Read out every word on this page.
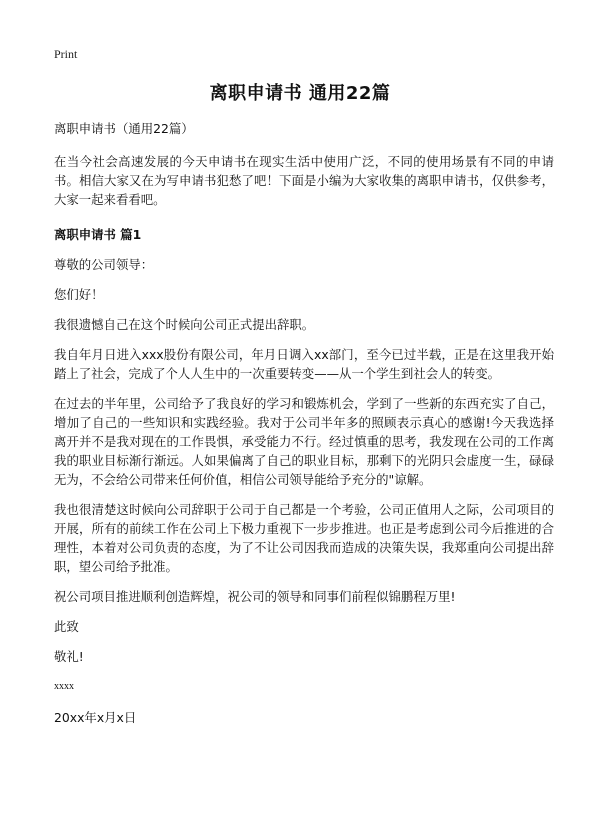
Print
离职申请书 通用22篇

离职申请书（通用22篇）

在当今社会高速发展的今天申请书在现实生活中使用广泛，不同的使用场景有不同的申请书。相信大家又在为写申请书犯愁了吧！下面是小编为大家收集的离职申请书，仅供参考，大家一起来看看吧。

离职申请书 篇1

尊敬的公司领导：

您们好！

我很遗憾自己在这个时候向公司正式提出辞职。

我自年月日进入xxx股份有限公司，年月日调入xx部门，至今已过半载，正是在这里我开始踏上了社会，完成了个人人生中的一次重要转变——从一个学生到社会人的转变。

在过去的半年里，公司给予了我良好的学习和锻炼机会，学到了一些新的东西充实了自己，增加了自己的一些知识和实践经验。我对于公司半年多的照顾表示真心的感谢!今天我选择离开并不是我对现在的工作畏惧，承受能力不行。经过慎重的思考，我发现在公司的工作离我的职业目标渐行渐远。人如果偏离了自己的职业目标，那剩下的光阴只会虚度一生，碌碌无为，不会给公司带来任何价值，相信公司领导能给予充分的"谅解。

我也很清楚这时候向公司辞职于公司于自己都是一个考验，公司正值用人之际，公司项目的开展，所有的前续工作在公司上下极力重视下一步步推进。也正是考虑到公司今后推进的合理性，本着对公司负责的态度，为了不让公司因我而造成的决策失误，我郑重向公司提出辞职，望公司给予批准。

祝公司项目推进顺利创造辉煌，祝公司的领导和同事们前程似锦鹏程万里!

此致

敬礼!

xxxx

20xx年x月x日
